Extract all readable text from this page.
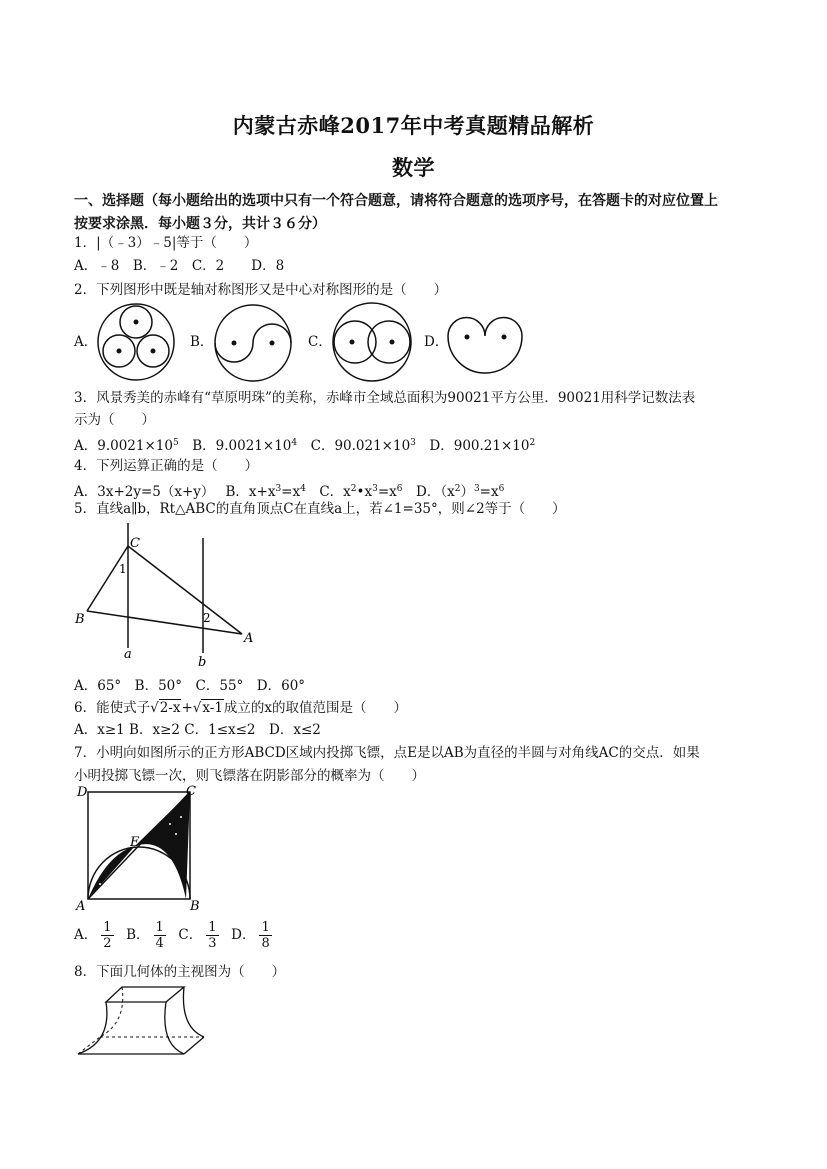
内蒙古赤峰2017年中考真题精品解析
数学
一、选择题（每小题给出的选项中只有一个符合题意，请将符合题意的选项序号，在答题卡的对应位置上
按要求涂黑．每小题３分，共计３６分）
1．|（﹣3）﹣5|等于（　　）
A．﹣8　B．﹣2　C．2　　D．8
2．下列图形中既是轴对称图形又是中心对称图形的是（　　）
A．	B．	C．	D．
3．风景秀美的赤峰有“草原明珠”的美称，赤峰市全域总面积为90021平方公里．90021用科学记数法表
示为（　　）
A．$9.0021\times 10^5$　B．$9.0021\times 10^4$　C．$90.021\times 10^3$　D．$900.21\times 10^2$
4．下列运算正确的是（　　）
A．3x+2y=5（x+y）　 B．$x+x^3=x^4$　C．$x^2•x^3=x^6$　D．$(x^2)^3=x^6$
5．直线a∥b，Rt△ABC的直角顶点C在直线a上，若∠1=35°，则∠2等于（　　）
C
1
B	2
A
a
b
A．65°　B．50°　C．55°　D．60°
6．能使式子√2-x+√x-1成立的x的取值范围是（　　）
A．x≥1 B．x≥2 C．1≤x≤2　D．x≤2
7．小明向如图所示的正方形ABCD区域内投掷飞镖，点E是以AB为直径的半圆与对角线AC的交点．如果
小明投掷飞镖一次，则飞镖落在阴影部分的概率为（　　）
D	C
E
A	B
A． $\frac{1}{2}$ B． $\frac{1}{4}$ C． $\frac{1}{3}$ D． $\frac{1}{8}$
8．下面几何体的主视图为（　　）
